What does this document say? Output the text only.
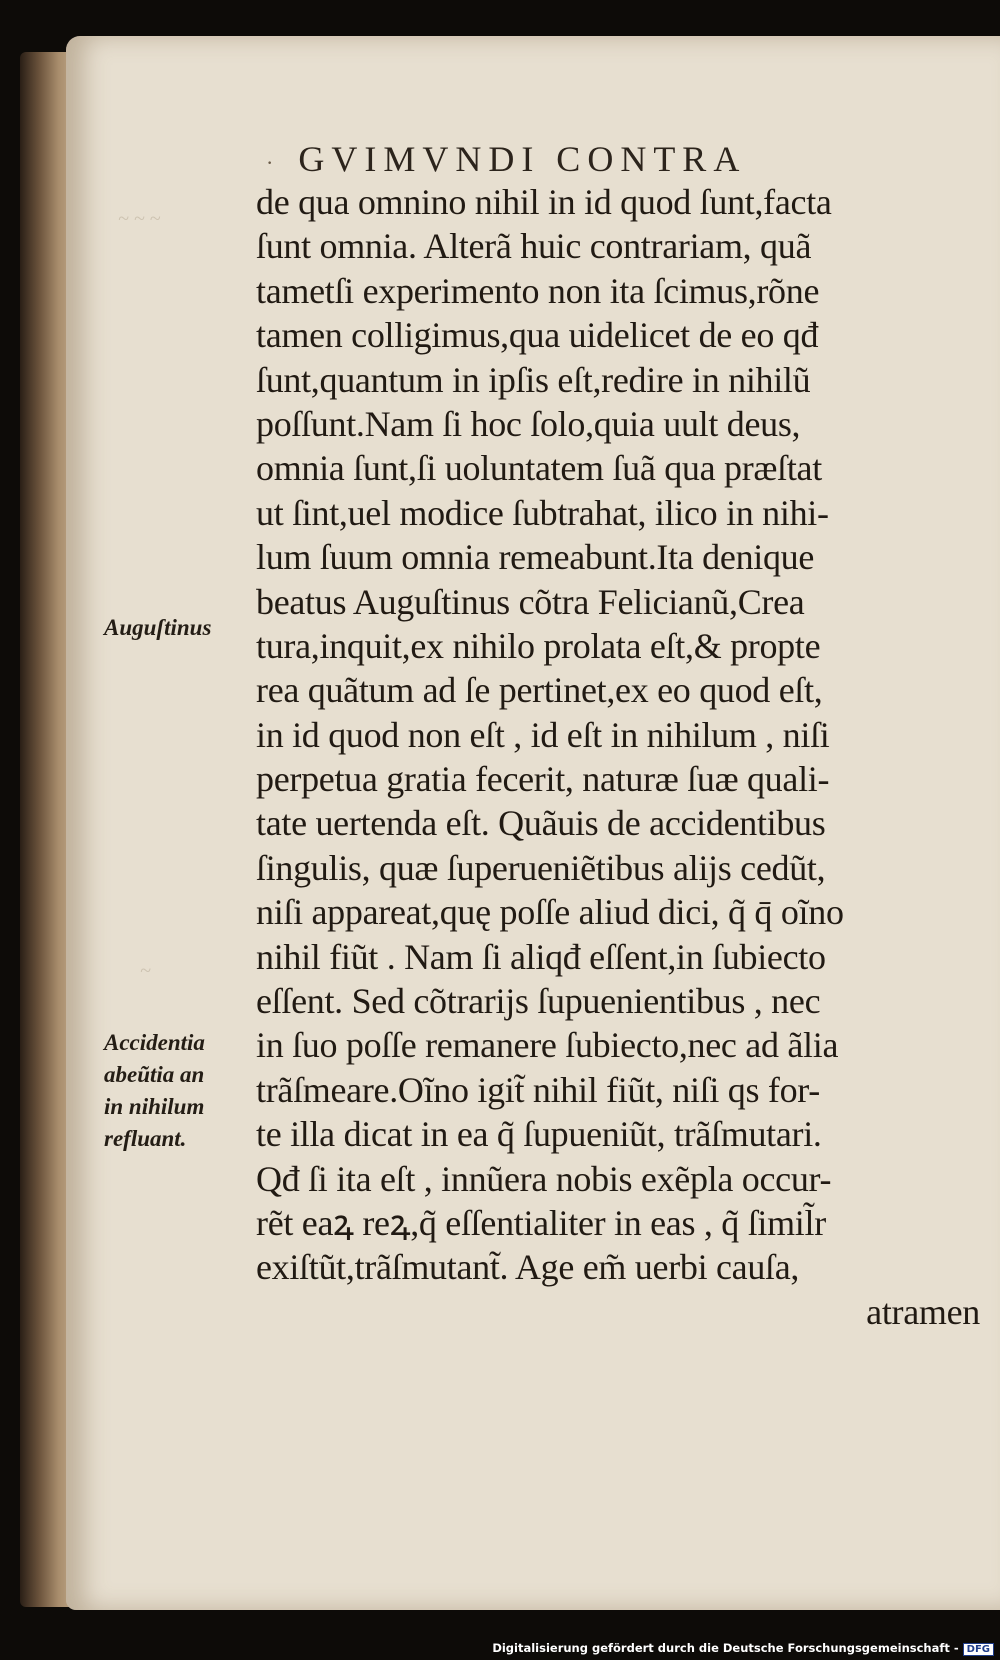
~ ~ ~
~
· GVIMVNDI CONTRA
de qua omnino nihil in id quod ſunt,facta
ſunt omnia. Alterã huic contrariam, quã
tametſi experimento non ita ſcimus,rõne
tamen colligimus,qua uidelicet de eo qđ
ſunt,quantum in ipſis eſt,redire in nihilũ
poſſunt.Nam ſi hoc ſolo,quia uult deus,
omnia ſunt,ſi uoluntatem ſuã qua præſtat
ut ſint,uel modice ſubtrahat, ilico in nihi-
lum ſuum omnia remeabunt.Ita denique
beatus Auguſtinus cõtra Felicianũ,Crea
tura,inquit,ex nihilo prolata eſt,& propte
rea quãtum ad ſe pertinet,ex eo quod eſt,
in id quod non eſt , id eſt in nihilum , niſi
perpetua gratia fecerit, naturæ ſuæ quali-
tate uertenda eſt. Quãuis de accidentibus
ſingulis, quæ ſuperueniẽtibus alijs cedũt,
niſi appareat,quę poſſe aliud dici, q̃ q̄ oĩno
nihil fiũt . Nam ſi aliqđ eſſent,in ſubiecto
eſſent. Sed cõtrarijs ſupuenientibus , nec
in ſuo poſſe remanere ſubiecto,nec ad ãlia
trãſmeare.Oĩno igit̃ nihil fiũt, niſi qs for-
te illa dicat in ea q̃ ſupueniũt, trãſmutari.
Qđ ſi ita eſt , innũera nobis exẽpla occur-
rẽt eaꝝ reꝝ,q̃ eſſentialiter in eas , q̃ ſimil̃r
exiſtũt,trãſmutant̃. Age em̃ uerbi cauſa,
atramen
Auguſtinus
Accidentia
abeũtia an
in nihilum
refluant.
Digitalisierung gefördert durch die Deutsche Forschungsgemeinschaft - DFG
